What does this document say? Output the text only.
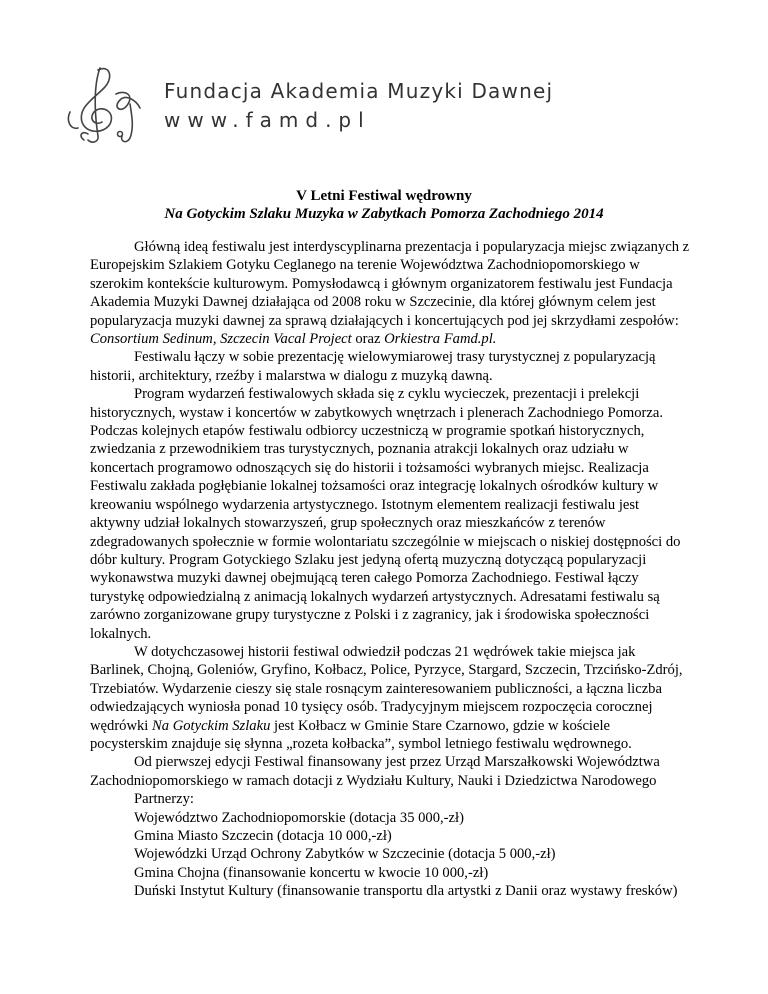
Fundacja Akademia Muzyki Dawnej
www.famd.pl

V Letni Festiwal wędrowny

Na Gotyckim Szlaku Muzyka w Zabytkach Pomorza Zachodniego 2014

Główną ideą festiwalu jest interdyscyplinarna prezentacja i popularyzacja miejsc związanych z Europejskim Szlakiem Gotyku Ceglanego na terenie Województwa Zachodniopomorskiego w szerokim kontekście kulturowym. Pomysłodawcą i głównym organizatorem festiwalu jest Fundacja Akademia Muzyki Dawnej działająca od 2008 roku w Szczecinie, dla której głównym celem jest popularyzacja muzyki dawnej za sprawą działających i koncertujących pod jej skrzydłami zespołów: Consortium Sedinum, Szczecin Vacal Project oraz Orkiestra Famd.pl.

Festiwalu łączy w sobie prezentację wielowymiarowej trasy turystycznej z popularyzacją historii, architektury, rzeźby i malarstwa w dialogu z muzyką dawną.

Program wydarzeń festiwalowych składa się z cyklu wycieczek, prezentacji i prelekcji historycznych, wystaw i koncertów w zabytkowych wnętrzach i plenerach Zachodniego Pomorza. Podczas kolejnych etapów festiwalu odbiorcy uczestniczą w programie spotkań historycznych, zwiedzania z przewodnikiem tras turystycznych, poznania atrakcji lokalnych oraz udziału w koncertach programowo odnoszących się do historii i tożsamości wybranych miejsc. Realizacja Festiwalu zakłada pogłębianie lokalnej tożsamości oraz integrację lokalnych ośrodków kultury w kreowaniu wspólnego wydarzenia artystycznego. Istotnym elementem realizacji festiwalu jest aktywny udział lokalnych stowarzyszeń, grup społecznych oraz mieszkańców z terenów zdegradowanych społecznie w formie wolontariatu szczególnie w miejscach o niskiej dostępności do dóbr kultury. Program Gotyckiego Szlaku jest jedyną ofertą muzyczną dotyczącą popularyzacji wykonawstwa muzyki dawnej obejmującą teren całego Pomorza Zachodniego. Festiwal łączy turystykę odpowiedzialną z animacją lokalnych wydarzeń artystycznych. Adresatami festiwalu są zarówno zorganizowane grupy turystyczne z Polski i z zagranicy, jak i środowiska społeczności lokalnych.

W dotychczasowej historii festiwal odwiedził podczas 21 wędrówek takie miejsca jak Barlinek, Chojną, Goleniów, Gryfino, Kołbacz, Police, Pyrzyce, Stargard, Szczecin, Trzcińsko-Zdrój, Trzebiatów. Wydarzenie cieszy się stale rosnącym zainteresowaniem publiczności, a łączna liczba odwiedzających wyniosła ponad 10 tysięcy osób. Tradycyjnym miejscem rozpoczęcia corocznej wędrówki Na Gotyckim Szlaku jest Kołbacz w Gminie Stare Czarnowo, gdzie w kościele pocysterskim znajduje się słynna „rozeta kołbacka”, symbol letniego festiwalu wędrownego.

Od pierwszej edycji Festiwal finansowany jest przez Urząd Marszałkowski Województwa Zachodniopomorskiego w ramach dotacji z Wydziału Kultury, Nauki i Dziedzictwa Narodowego

Partnerzy:
Województwo Zachodniopomorskie (dotacja 35 000,-zł)
Gmina Miasto Szczecin (dotacja 10 000,-zł)
Wojewódzki Urząd Ochrony Zabytków w Szczecinie (dotacja 5 000,-zł)
Gmina Chojna (finansowanie koncertu w kwocie 10 000,-zł)
Duński Instytut Kultury (finansowanie transportu dla artystki z Danii oraz wystawy fresków)
